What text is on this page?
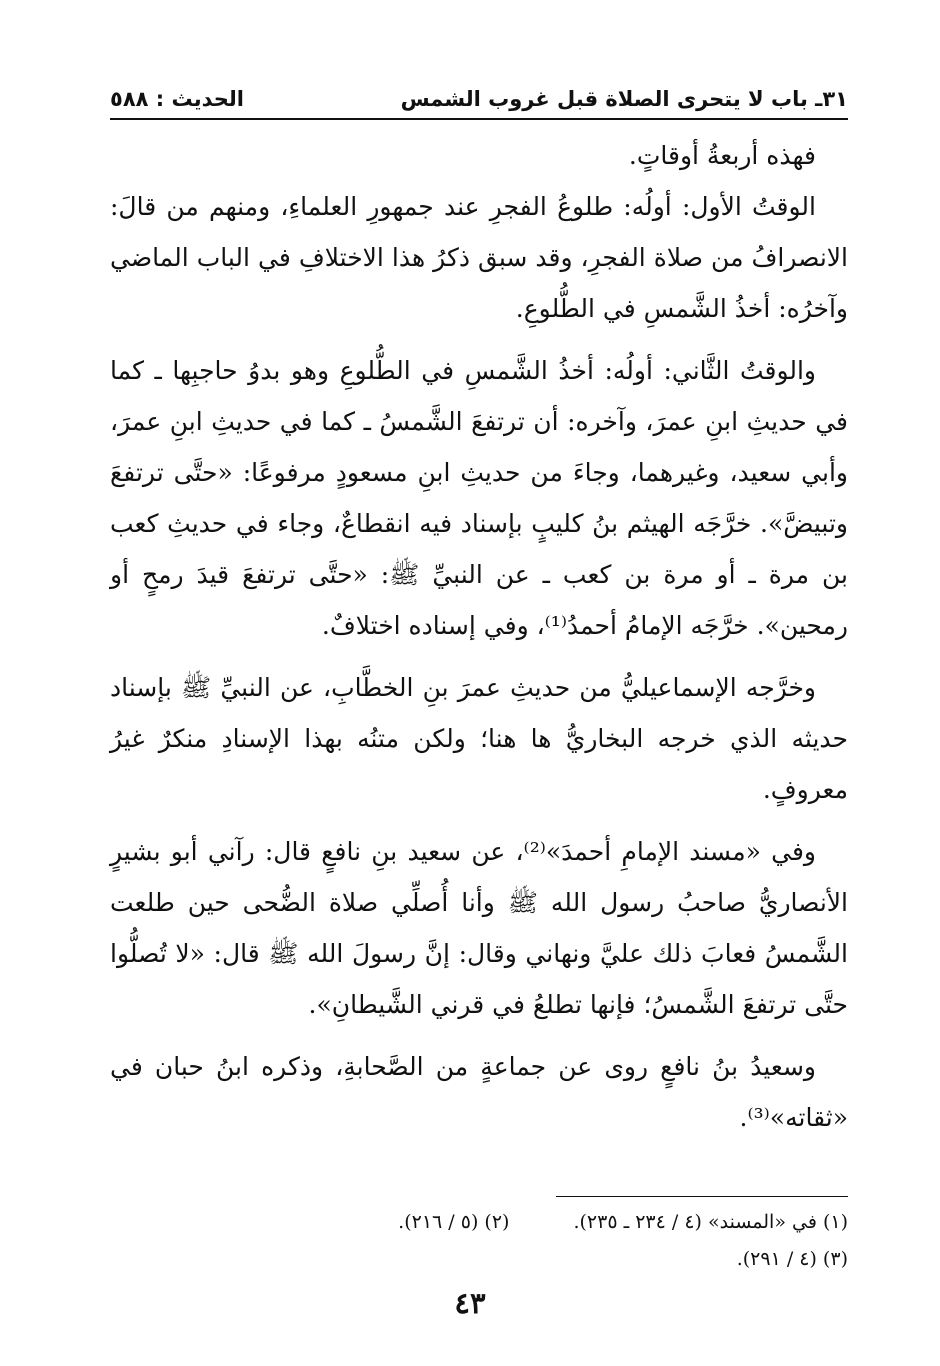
٣١ـ باب لا يتحرى الصلاة قبل غروب الشمس
الحديث : ٥٨٨

فهذه أربعةُ أوقاتٍ.

الوقتُ الأول: أولُه: طلوعُ الفجرِ عند جمهورِ العلماءِ، ومنهم من قالَ: الانصرافُ من صلاة الفجرِ، وقد سبق ذكرُ هذا الاختلافِ في الباب الماضي وآخرُه: أخذُ الشَّمسِ في الطُّلوعِ.

والوقتُ الثَّاني: أولُه: أخذُ الشَّمسِ في الطُّلوعِ وهو بدوُ حاجبِها ـ كما في حديثِ ابنِ عمرَ، وآخره: أن ترتفعَ الشَّمسُ ـ كما في حديثِ ابنِ عمرَ، وأبي سعيد، وغيرهما، وجاءَ من حديثِ ابنِ مسعودٍ مرفوعًا: «حتَّى ترتفعَ وتبيضَّ». خرَّجَه الهيثم بنُ كليبٍ بإسناد فيه انقطاعٌ، وجاء في حديثِ كعب بن مرة ـ أو مرة بن كعب ـ عن النبيِّ ﷺ: «حتَّى ترتفعَ قيدَ رمحٍ أو رمحين». خرَّجَه الإمامُ أحمدُ⁽¹⁾، وفي إسناده اختلافٌ.

وخرَّجه الإسماعيليُّ من حديثِ عمرَ بنِ الخطَّابِ، عن النبيِّ ﷺ بإسناد حديثه الذي خرجه البخاريُّ ها هنا؛ ولكن متنُه بهذا الإسنادِ منكرٌ غيرُ معروفٍ.

وفي «مسند الإمامِ أحمدَ»⁽²⁾، عن سعيد بنِ نافعٍ قال: رآني أبو بشيرٍ الأنصاريُّ صاحبُ رسول الله ﷺ وأنا أُصلِّي صلاة الضُّحى حين طلعت الشَّمسُ فعابَ ذلك عليَّ ونهاني وقال: إنَّ رسولَ الله ﷺ قال: «لا تُصلُّوا حتَّى ترتفعَ الشَّمسُ؛ فإنها تطلعُ في قرني الشَّيطانِ».

وسعيدُ بنُ نافعٍ روى عن جماعةٍ من الصَّحابةِ، وذكره ابنُ حبان في «ثقاته»⁽³⁾.

(١) في «المسند» (٤ / ٢٣٤ ـ ٢٣٥).
(٢) (٥ / ٢١٦).
(٣) (٤ / ٢٩١).
٤٣
